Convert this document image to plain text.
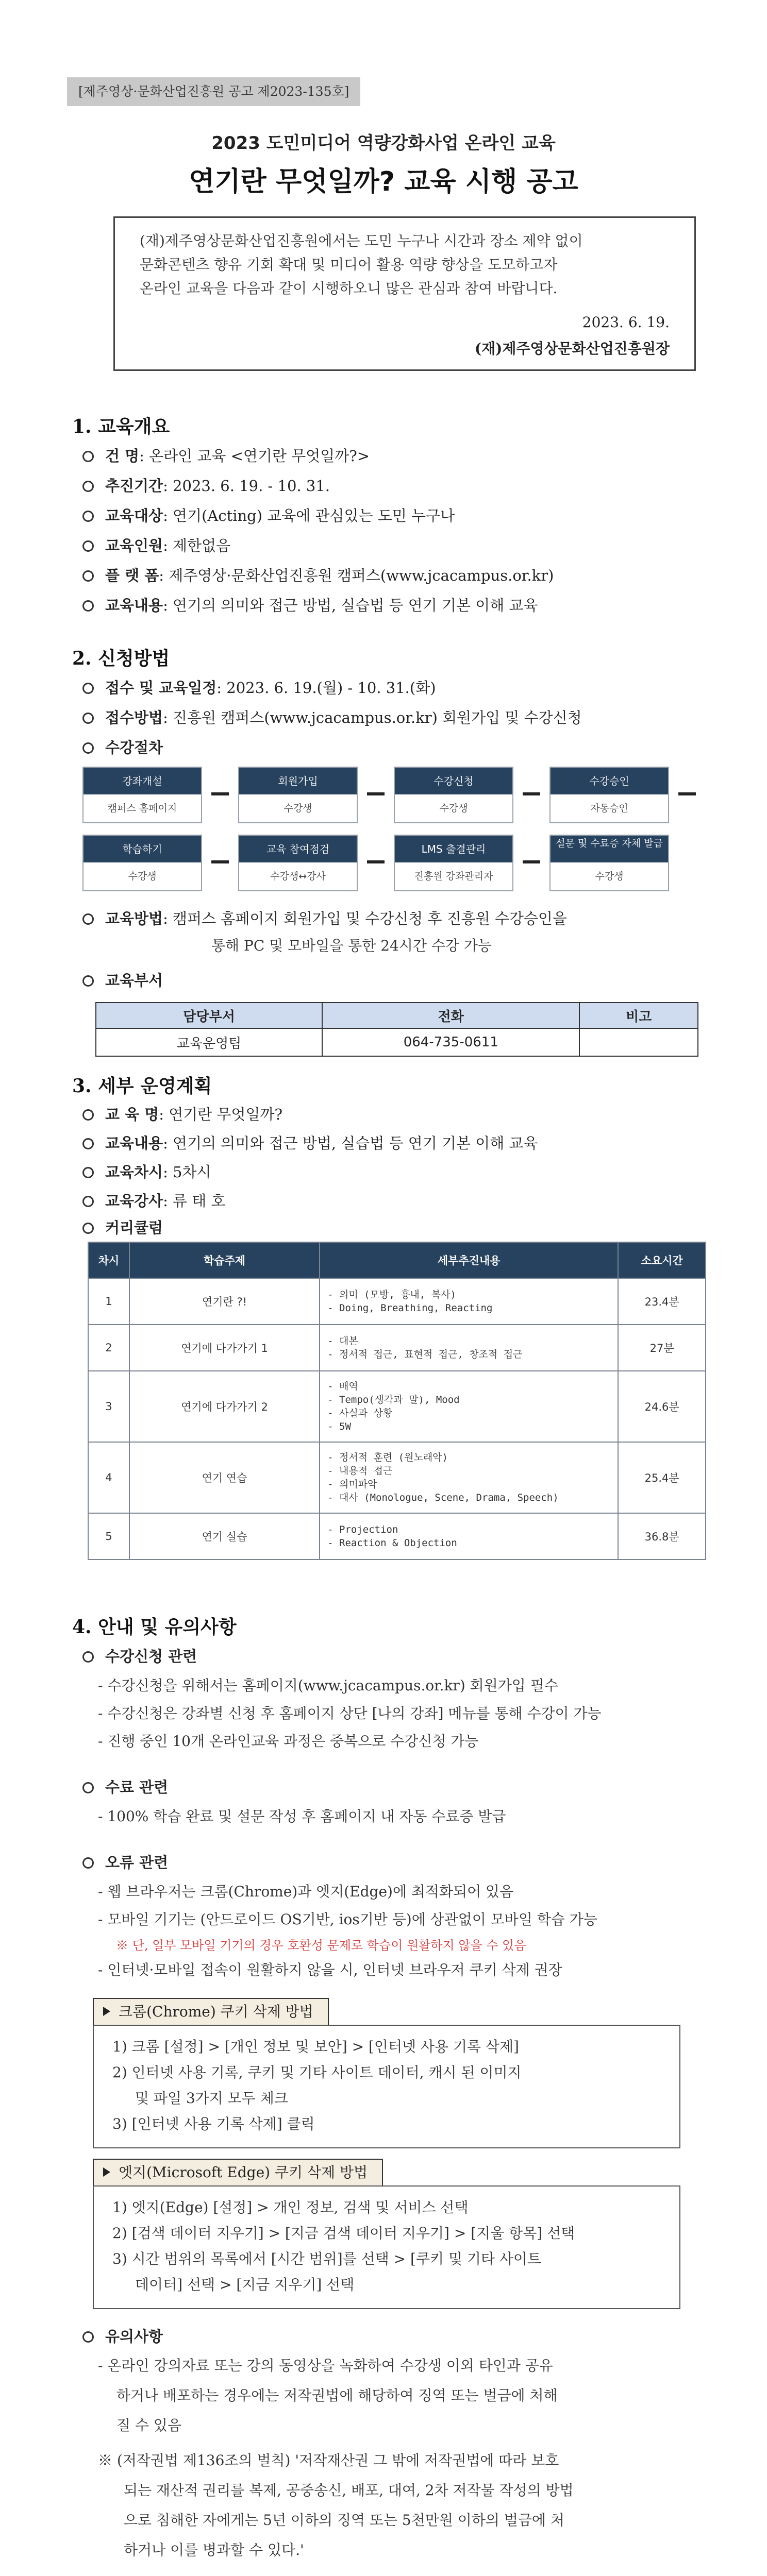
[제주영상·문화산업진흥원 공고 제2023-135호]
2023 도민미디어 역량강화사업 온라인 교육
연기란 무엇일까? 교육 시행 공고
(재)제주영상문화산업진흥원에서는 도민 누구나 시간과 장소 제약 없이
문화콘텐츠 향유 기회 확대 및 미디어 활용 역량 향상을 도모하고자
온라인 교육을 다음과 같이 시행하오니 많은 관심과 참여 바랍니다.
2023. 6. 19.
(재)제주영상문화산업진흥원장
1. 교육개요
건 명: 온라인 교육 <연기란 무엇일까?>
추진기간: 2023. 6. 19. - 10. 31.
교육대상: 연기(Acting) 교육에 관심있는 도민 누구나
교육인원: 제한없음
플 랫 폼: 제주영상·문화산업진흥원 캠퍼스(www.jcacampus.or.kr)
교육내용: 연기의 의미와 접근 방법, 실습법 등 연기 기본 이해 교육
2. 신청방법
접수 및 교육일정: 2023. 6. 19.(월) - 10. 31.(화)
접수방법: 진흥원 캠퍼스(www.jcacampus.or.kr) 회원가입 및 수강신청
수강절차
강좌개설
캠퍼스 홈페이지
회원가입
수강생
수강신청
수강생
수강승인
자동승인
학습하기
수강생
교육 참여점검
수강생↔강사
LMS 출결관리
진흥원 강좌관리자
설문 및 수료증 자체 발급
수강생
교육방법: 캠퍼스 홈페이지 회원가입 및 수강신청 후 진흥원 수강승인을
통해 PC 및 모바일을 통한 24시간 수강 가능
교육부서
담당부서	전화	비고
교육운영팀	064-735-0611	
3. 세부 운영계획
교 육 명: 연기란 무엇일까?
교육내용: 연기의 의미와 접근 방법, 실습법 등 연기 기본 이해 교육
교육차시: 5차시
교육강사: 류 태 호
차시	학습주제	세부추진내용	소요시간
1	연기란 ?!	- 의미 (모방, 흉내, 복사)
- Doing, Breathing, Reacting	23.4분
2	연기에 다가가기 1	- 대본
- 정서적 접근, 표현적 접근, 창조적 접근	27분
3	연기에 다가가기 2	- 배역
- Tempo(생각과 말), Mood
- 사실과 상황
- 5W	24.6분
4	연기 연습	- 정서적 훈련 (원노래악)
- 내용적 접근
- 의미파악
- 대사 (Monologue, Scene, Drama, Speech)	25.4분
5	연기 실습	- Projection
- Reaction & Objection	36.8분
커리큘럼
4. 안내 및 유의사항
수강신청 관련
- 수강신청을 위해서는 홈페이지(www.jcacampus.or.kr) 회원가입 필수
- 수강신청은 강좌별 신청 후 홈페이지 상단 [나의 강좌] 메뉴를 통해 수강이 가능
- 진행 중인 10개 온라인교육 과정은 중복으로 수강신청 가능
수료 관련
- 100% 학습 완료 및 설문 작성 후 홈페이지 내 자동 수료증 발급
오류 관련
- 웹 브라우저는 크롬(Chrome)과 엣지(Edge)에 최적화되어 있음
- 모바일 기기는 (안드로이드 OS기반, ios기반 등)에 상관없이 모바일 학습 가능
※ 단, 일부 모바일 기기의 경우 호환성 문제로 학습이 원활하지 않을 수 있음
- 인터넷·모바일 접속이 원활하지 않을 시, 인터넷 브라우저 쿠키 삭제 권장
크롬(Chrome) 쿠키 삭제 방법
1) 크롬 [설정] > [개인 정보 및 보안] > [인터넷 사용 기록 삭제]
2) 인터넷 사용 기록, 쿠키 및 기타 사이트 데이터, 캐시 된 이미지
및 파일 3가지 모두 체크
3) [인터넷 사용 기록 삭제] 클릭
엣지(Microsoft Edge) 쿠키 삭제 방법
1) 엣지(Edge) [설정] > 개인 정보, 검색 및 서비스 선택
2) [검색 데이터 지우기] > [지금 검색 데이터 지우기] > [지울 항목] 선택
3) 시간 범위의 목록에서 [시간 범위]를 선택 > [쿠키 및 기타 사이트
데이터] 선택 > [지금 지우기] 선택
유의사항
- 온라인 강의자료 또는 강의 동영상을 녹화하여 수강생 이외 타인과 공유
하거나 배포하는 경우에는 저작권법에 해당하여 징역 또는 벌금에 처해
질 수 있음
※ (저작권법 제136조의 벌칙) '저작재산권 그 밖에 저작권법에 따라 보호
되는 재산적 권리를 복제, 공중송신, 배포, 대여, 2차 저작물 작성의 방법
으로 침해한 자에게는 5년 이하의 징역 또는 5천만원 이하의 벌금에 처
하거나 이를 병과할 수 있다.'
